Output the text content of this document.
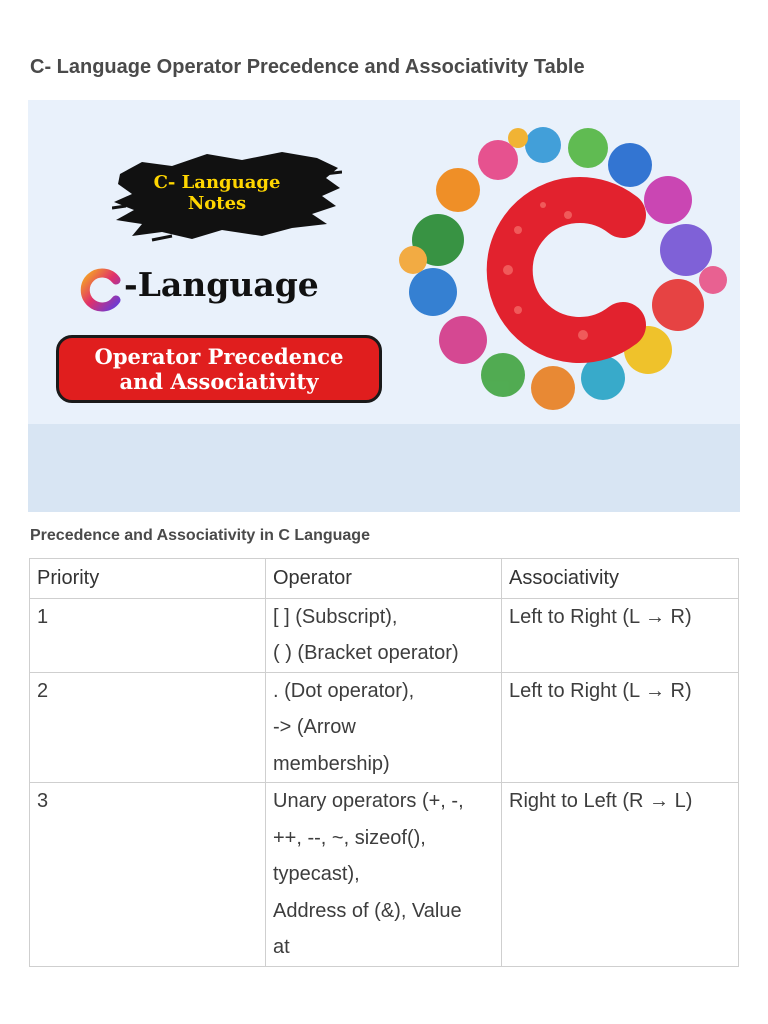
C- Language Operator Precedence and Associativity Table
C- Language
Notes
-Language
Operator Precedence
and Associativity
Precedence and Associativity in C Language
Priority	Operator	Associativity
1	[ ] (Subscript),
( ) (Bracket operator)	Left to Right (L → R)
2	. (Dot operator),
-> (Arrow
membership)	Left to Right (L → R)
3	Unary operators (+, -,
++, --, ~, sizeof(),
typecast),
Address of (&), Value
at	Right to Left (R → L)
